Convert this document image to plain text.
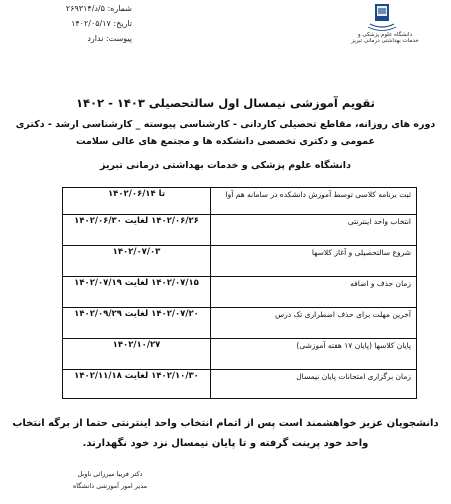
شماره: ۵/د/۲۶۹۳۱۴
تاریخ: ۱۴۰۲/۰۵/۱۷
پیوست: ندارد	دانشگاه علوم پزشکی و خدمات بهداشتی درمانی تبریز
تقویم آموزشی نیمسال اول سالتحصیلی ۱۴۰۳ - ۱۴۰۲
دوره های روزانه، مقاطع تحصیلی کاردانی - کارشناسی پیوسته _ کارشناسی ارشد - دکتری
عمومی و دکتری تخصصی دانشکده ها و مجتمع های عالی سلامت
دانشگاه علوم پزشکی و خدمات بهداشتی درمانی تبریز
تا ۱۴۰۲/۰۶/۱۴	ثبت برنامه کلاسی توسط آموزش دانشکده در سامانه هم آوا
۱۴۰۲/۰۶/۲۶ لغایت ۱۴۰۲/۰۶/۳۰	انتخاب واحد اینترنتی
۱۴۰۲/۰۷/۰۳	شروع سالتحصیلی و آغاز کلاسها
۱۴۰۲/۰۷/۱۵ لغایت ۱۴۰۲/۰۷/۱۹	زمان حذف و اضافه
۱۴۰۲/۰۷/۲۰ لغایت ۱۴۰۲/۰۹/۲۹	آخرین مهلت برای حذف اضطراری تک درس
۱۴۰۲/۱۰/۲۷	پایان کلاسها (پایان ۱۷ هفته آموزشی)
۱۴۰۲/۱۰/۳۰ لغایت ۱۴۰۲/۱۱/۱۸	زمان برگزاری امتحانات پایان نیمسال
دانشجویان عزیز خواهشمند است پس از اتمام انتخاب واحد اینترنتی حتما از برگه انتخاب
واحد خود پرینت گرفته و تا پایان نیمسال نزد خود نگهدارند.
دکتر فریبا میرزائی ناوبل
مدیر امور آموزشی دانشگاه
